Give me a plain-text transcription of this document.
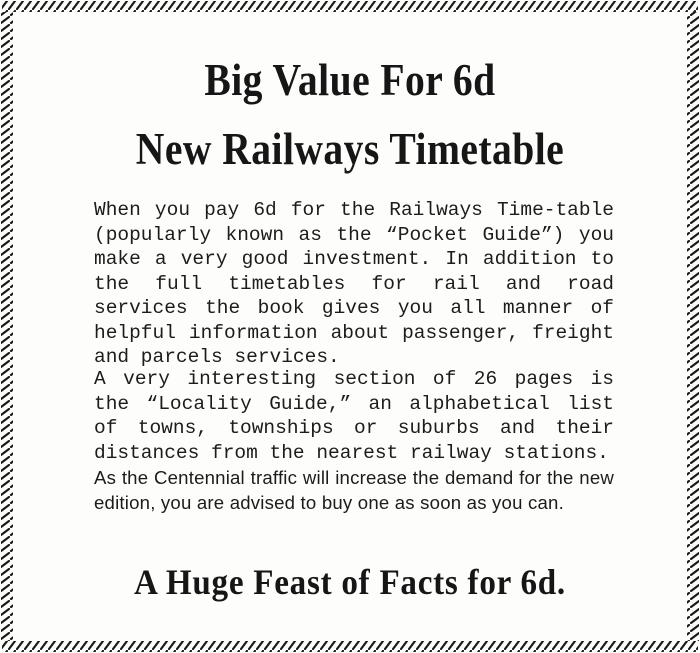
Big Value For 6d
New Railways Timetable

When you pay 6d for the Railways Time-table (popularly known as the “Pocket Guide”) you make a very good investment. In addition to the full timetables for rail and road services the book gives you all manner of helpful information about passenger, freight and parcels services.

A very interesting section of 26 pages is the “Locality Guide,” an alphabetical list of towns, townships or suburbs and their distances from the nearest railway stations.

As the Centennial traffic will increase the demand for the new edition, you are advised to buy one as soon as you can.

A Huge Feast of Facts for 6d.
